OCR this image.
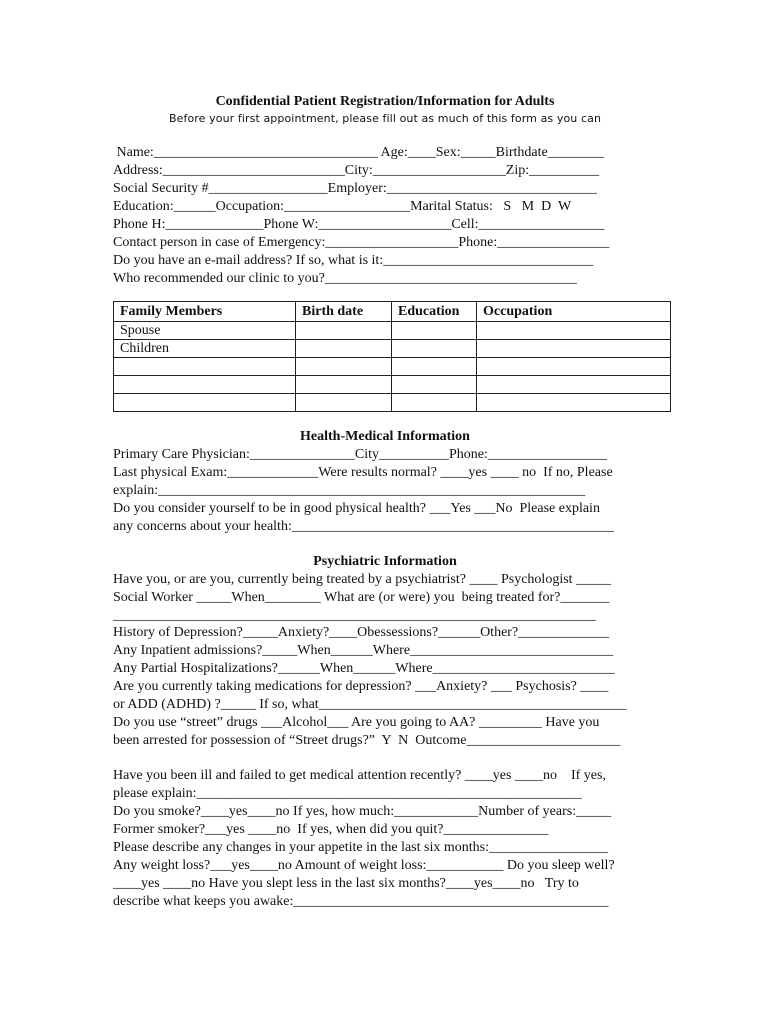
Confidential Patient Registration/Information for Adults
Before your first appointment, please fill out as much of this form as you can
Name:________________________________ Age:____Sex:_____Birthdate________
Address:__________________________City:___________________Zip:__________
Social Security #_________________Employer:______________________________
Education:______Occupation:__________________Marital Status:   S   M  D  W
Phone H:______________Phone W:___________________Cell:__________________
Contact person in case of Emergency:___________________Phone:________________
Do you have an e-mail address? If so, what is it:______________________________
Who recommended our clinic to you?____________________________________
Family Members	Birth date	Education	Occupation
Spouse			
Children			

Health-Medical Information
Primary Care Physician:_______________City__________Phone:_________________
Last physical Exam:_____________Were results normal? ____yes ____ no  If no, Please
explain:_____________________________________________________________
Do you consider yourself to be in good physical health? ___Yes ___No  Please explain
any concerns about your health:______________________________________________
Psychiatric Information
Have you, or are you, currently being treated by a psychiatrist? ____ Psychologist _____
Social Worker _____When________ What are (or were) you  being treated for?_______
_____________________________________________________________________
History of Depression?_____Anxiety?____Obessessions?______Other?_____________
Any Inpatient admissions?_____When______Where_____________________________
Any Partial Hospitalizations?______When______Where__________________________
Are you currently taking medications for depression? ___Anxiety? ___ Psychosis? ____
or ADD (ADHD) ?_____ If so, what____________________________________________
Do you use “street” drugs ___Alcohol___ Are you going to AA? _________ Have you
been arrested for possession of “Street drugs?”  Y  N  Outcome______________________
Have you been ill and failed to get medical attention recently? ____yes ____no    If yes,
please explain:_______________________________________________________
Do you smoke?____yes____no If yes, how much:____________Number of years:_____
Former smoker?___yes ____no  If yes, when did you quit?_______________
Please describe any changes in your appetite in the last six months:_________________
Any weight loss?___yes____no Amount of weight loss:___________ Do you sleep well?
____yes ____no Have you slept less in the last six months?____yes____no   Try to
describe what keeps you awake:_____________________________________________
